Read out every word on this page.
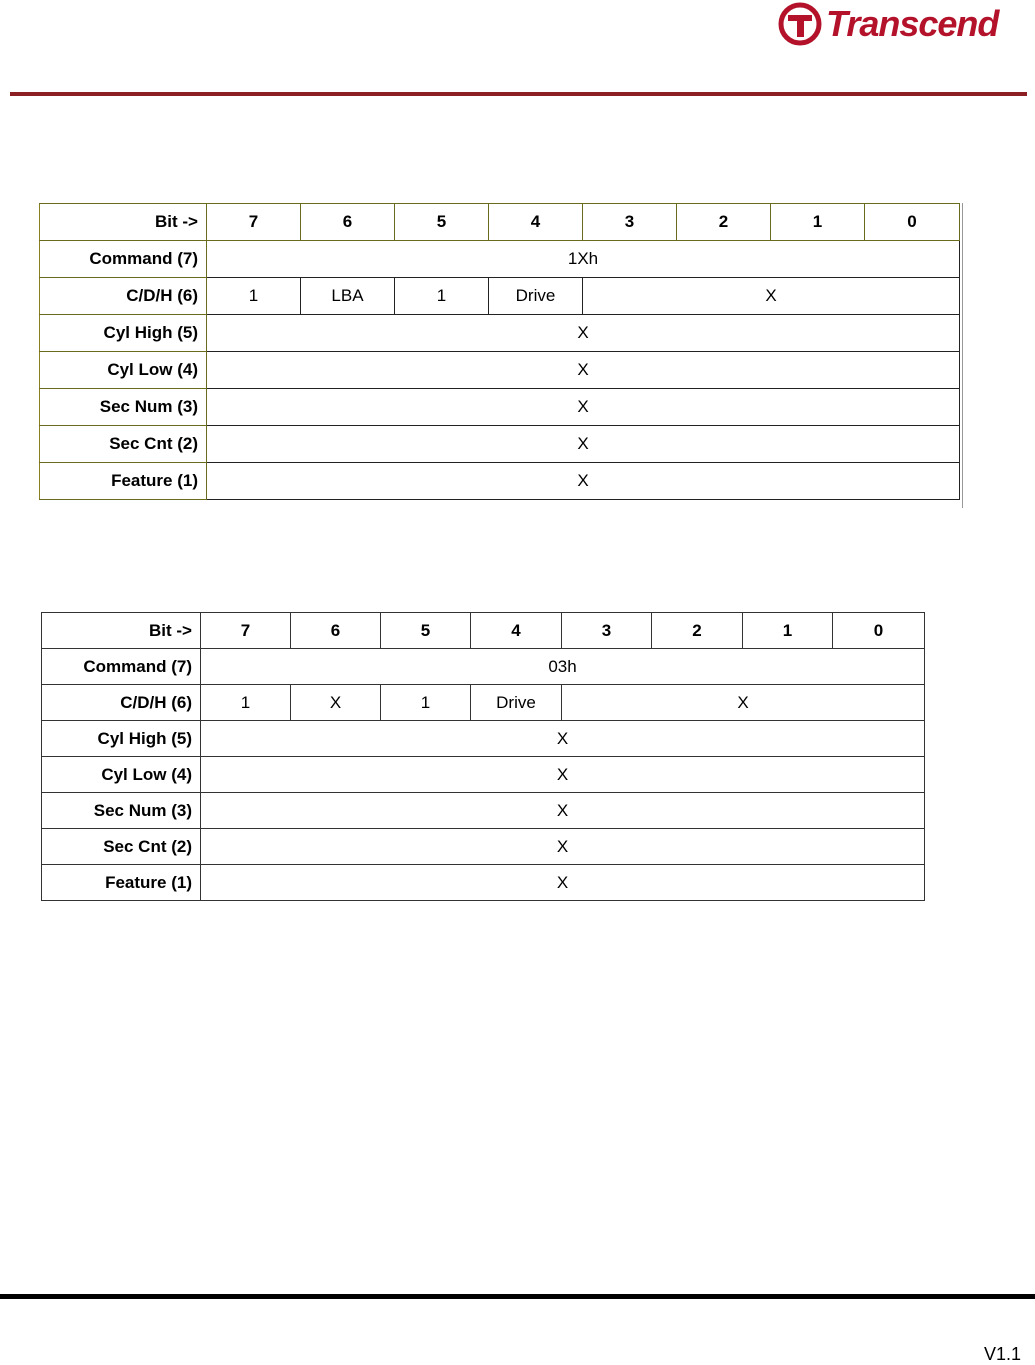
Transcend
Bit ->	7	6	5	4	3	2	1	0
Command (7)	1Xh							
C/D/H (6)	1	LBA	1	Drive	X			
Cyl High (5)	X							
Cyl Low (4)	X							
Sec Num (3)	X							
Sec Cnt (2)	X							
Feature (1)	X							
Bit ->	7	6	5	4	3	2	1	0
Command (7)	03h							
C/D/H (6)	1	X	1	Drive	X			
Cyl High (5)	X							
Cyl Low (4)	X							
Sec Num (3)	X							
Sec Cnt (2)	X							
Feature (1)	X							
V1.1
